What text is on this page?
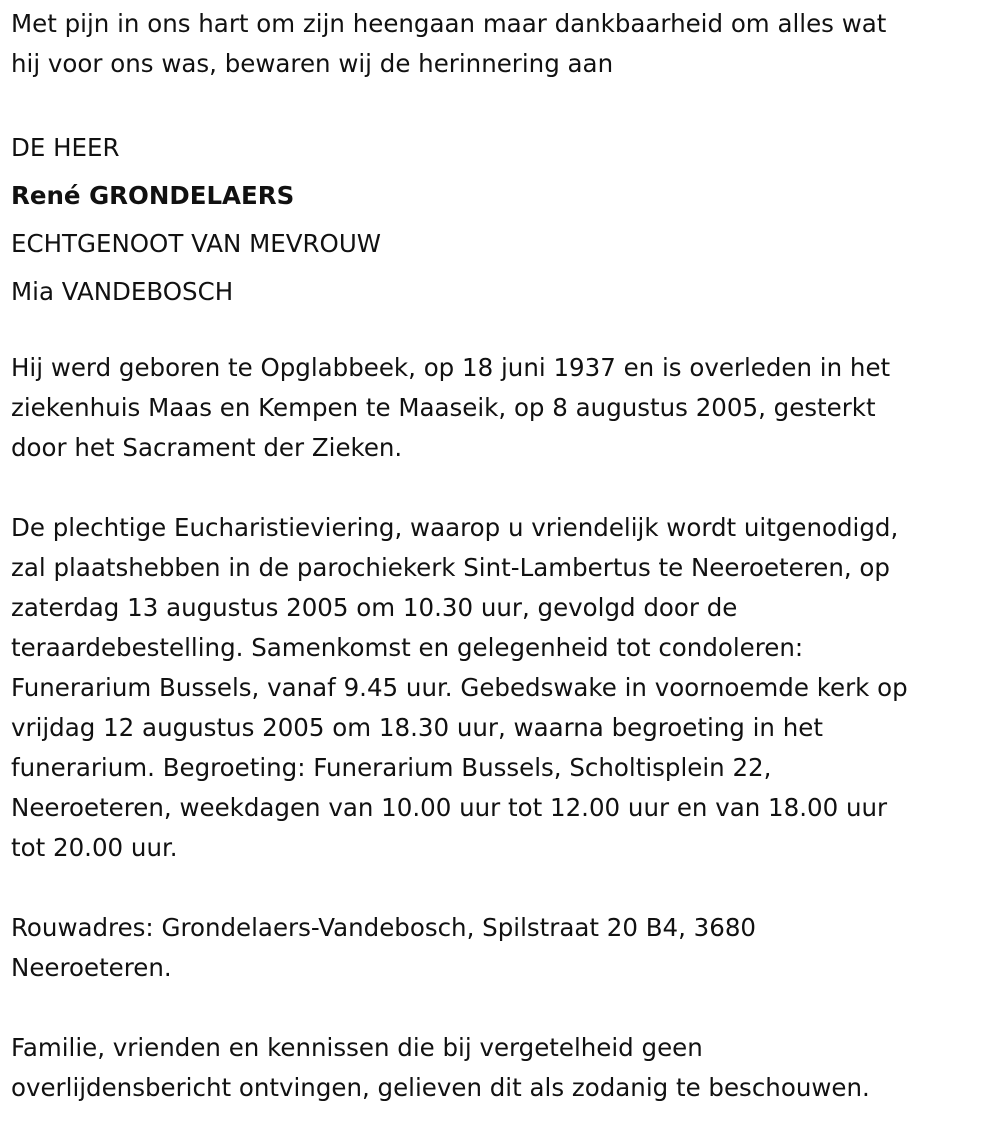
Met pijn in ons hart om zijn heengaan maar dankbaarheid om alles wat

hij voor ons was, bewaren wij de herinnering aan

DE HEER

René GRONDELAERS

ECHTGENOOT VAN MEVROUW

Mia VANDEBOSCH

Hij werd geboren te Opglabbeek, op 18 juni 1937 en is overleden in het

ziekenhuis Maas en Kempen te Maaseik, op 8 augustus 2005, gesterkt

door het Sacrament der Zieken.

De plechtige Eucharistieviering, waarop u vriendelijk wordt uitgenodigd,

zal plaatshebben in de parochiekerk Sint-Lambertus te Neeroeteren, op

zaterdag 13 augustus 2005 om 10.30 uur, gevolgd door de

teraardebestelling. Samenkomst en gelegenheid tot condoleren:

Funerarium Bussels, vanaf 9.45 uur. Gebedswake in voornoemde kerk op

vrijdag 12 augustus 2005 om 18.30 uur, waarna begroeting in het

funerarium. Begroeting: Funerarium Bussels, Scholtisplein 22,

Neeroeteren, weekdagen van 10.00 uur tot 12.00 uur en van 18.00 uur

tot 20.00 uur.

Rouwadres: Grondelaers-Vandebosch, Spilstraat 20 B4, 3680

Neeroeteren.

Familie, vrienden en kennissen die bij vergetelheid geen

overlijdensbericht ontvingen, gelieven dit als zodanig te beschouwen.
